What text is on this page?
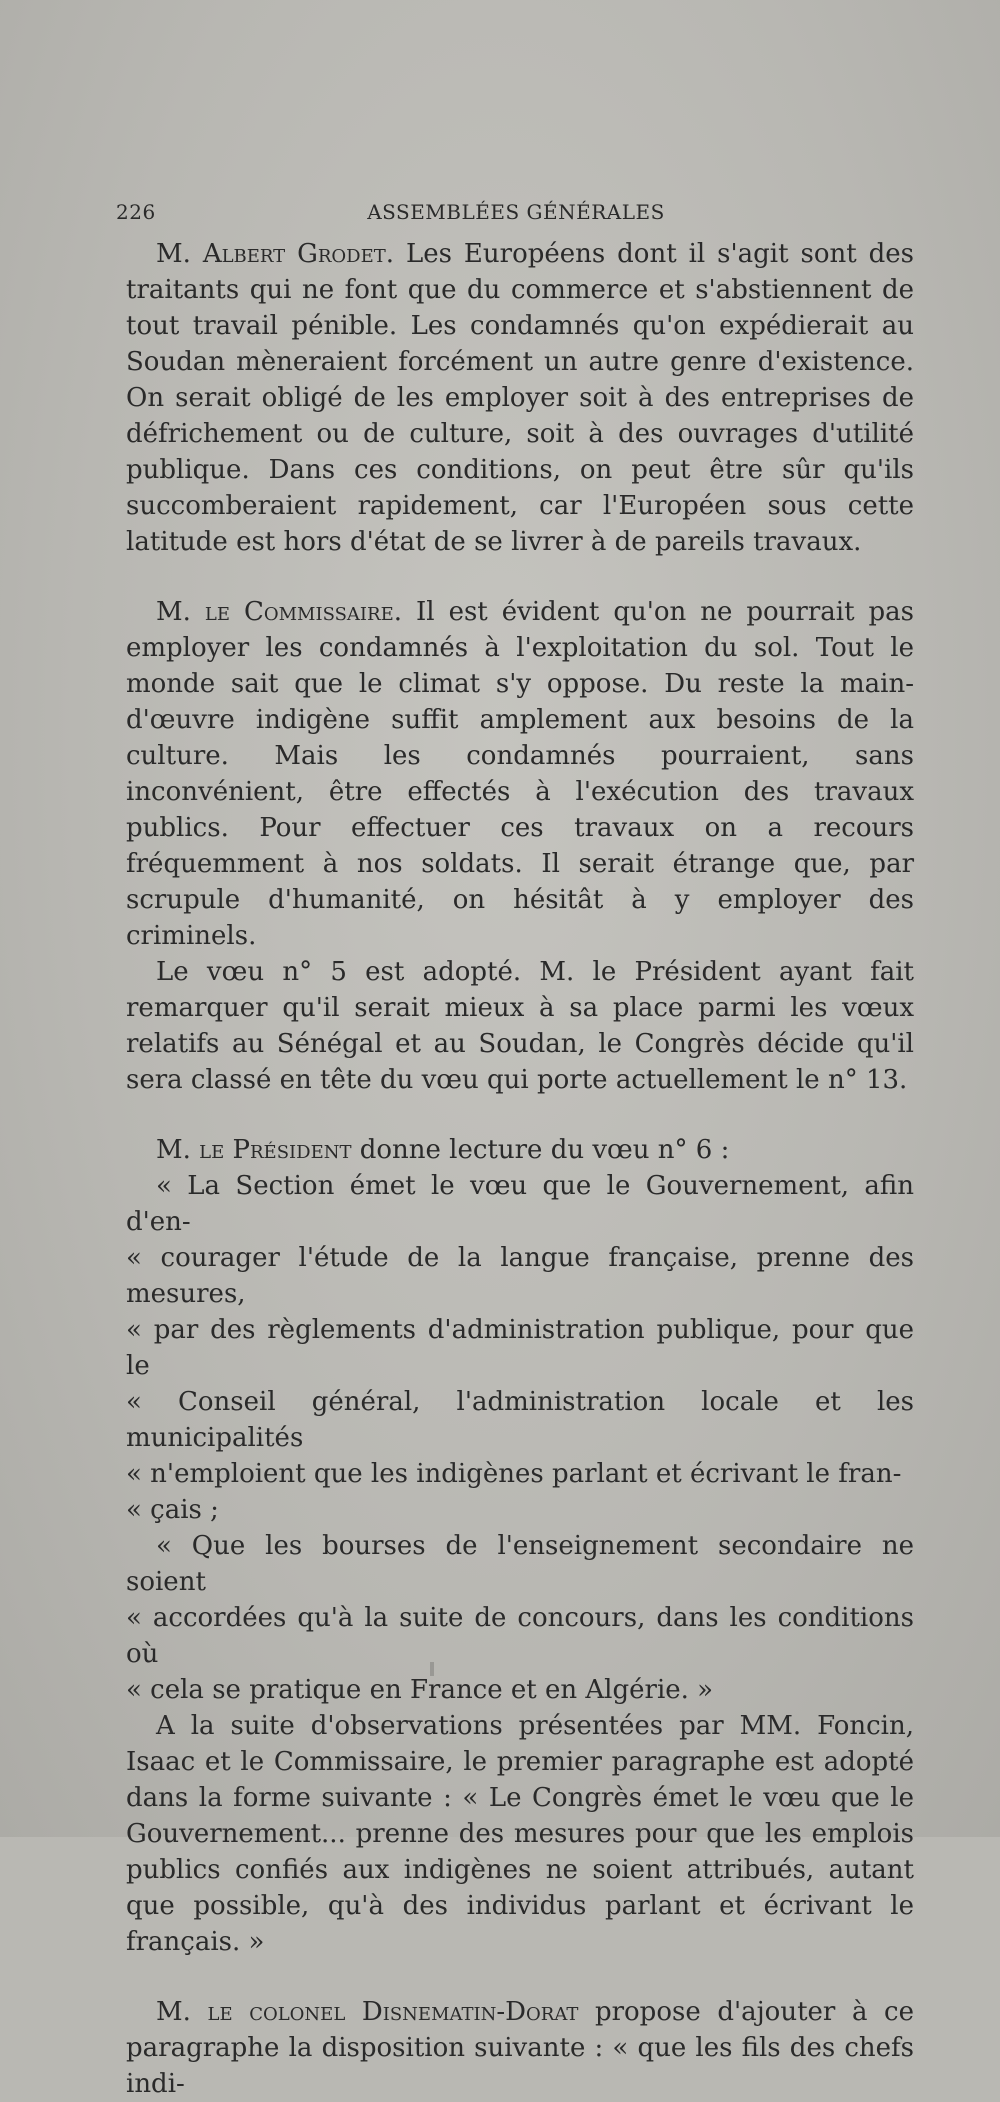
226	ASSEMBLÉES GÉNÉRALES

M. Albert Grodet. Les Européens dont il s'agit sont des traitants qui ne font que du commerce et s'abstiennent de tout travail pénible. Les condamnés qu'on expédierait au Soudan mèneraient forcément un autre genre d'existence. On serait obligé de les employer soit à des entreprises de défrichement ou de culture, soit à des ouvrages d'utilité publique. Dans ces conditions, on peut être sûr qu'ils succomberaient rapidement, car l'Européen sous cette latitude est hors d'état de se livrer à de pareils travaux.

M. le Commissaire. Il est évident qu'on ne pourrait pas employer les condamnés à l'exploitation du sol. Tout le monde sait que le climat s'y oppose. Du reste la main-d'œuvre indigène suffit amplement aux besoins de la culture. Mais les condamnés pourraient, sans inconvénient, être effectés à l'exécution des travaux publics. Pour effectuer ces travaux on a recours fréquemment à nos soldats. Il serait étrange que, par scrupule d'humanité, on hésitât à y employer des criminels.

Le vœu n° 5 est adopté. M. le Président ayant fait remarquer qu'il serait mieux à sa place parmi les vœux relatifs au Sénégal et au Soudan, le Congrès décide qu'il sera classé en tête du vœu qui porte actuellement le n° 13.

M. le Président donne lecture du vœu n° 6 :

« La Section émet le vœu que le Gouvernement, afin d'en-
« courager l'étude de la langue française, prenne des mesures,
« par des règlements d'administration publique, pour que le
« Conseil général, l'administration locale et les municipalités
« n'emploient que les indigènes parlant et écrivant le fran-
« çais ;
« Que les bourses de l'enseignement secondaire ne soient
« accordées qu'à la suite de concours, dans les conditions où
« cela se pratique en France et en Algérie. »

A la suite d'observations présentées par MM. Foncin, Isaac et le Commissaire, le premier paragraphe est adopté dans la forme suivante : « Le Congrès émet le vœu que le Gouvernement... prenne des mesures pour que les emplois publics confiés aux indigènes ne soient attribués, autant que possible, qu'à des individus parlant et écrivant le français. »

M. le colonel Disnematin-Dorat propose d'ajouter à ce paragraphe la disposition suivante : « que les fils des chefs indi-
